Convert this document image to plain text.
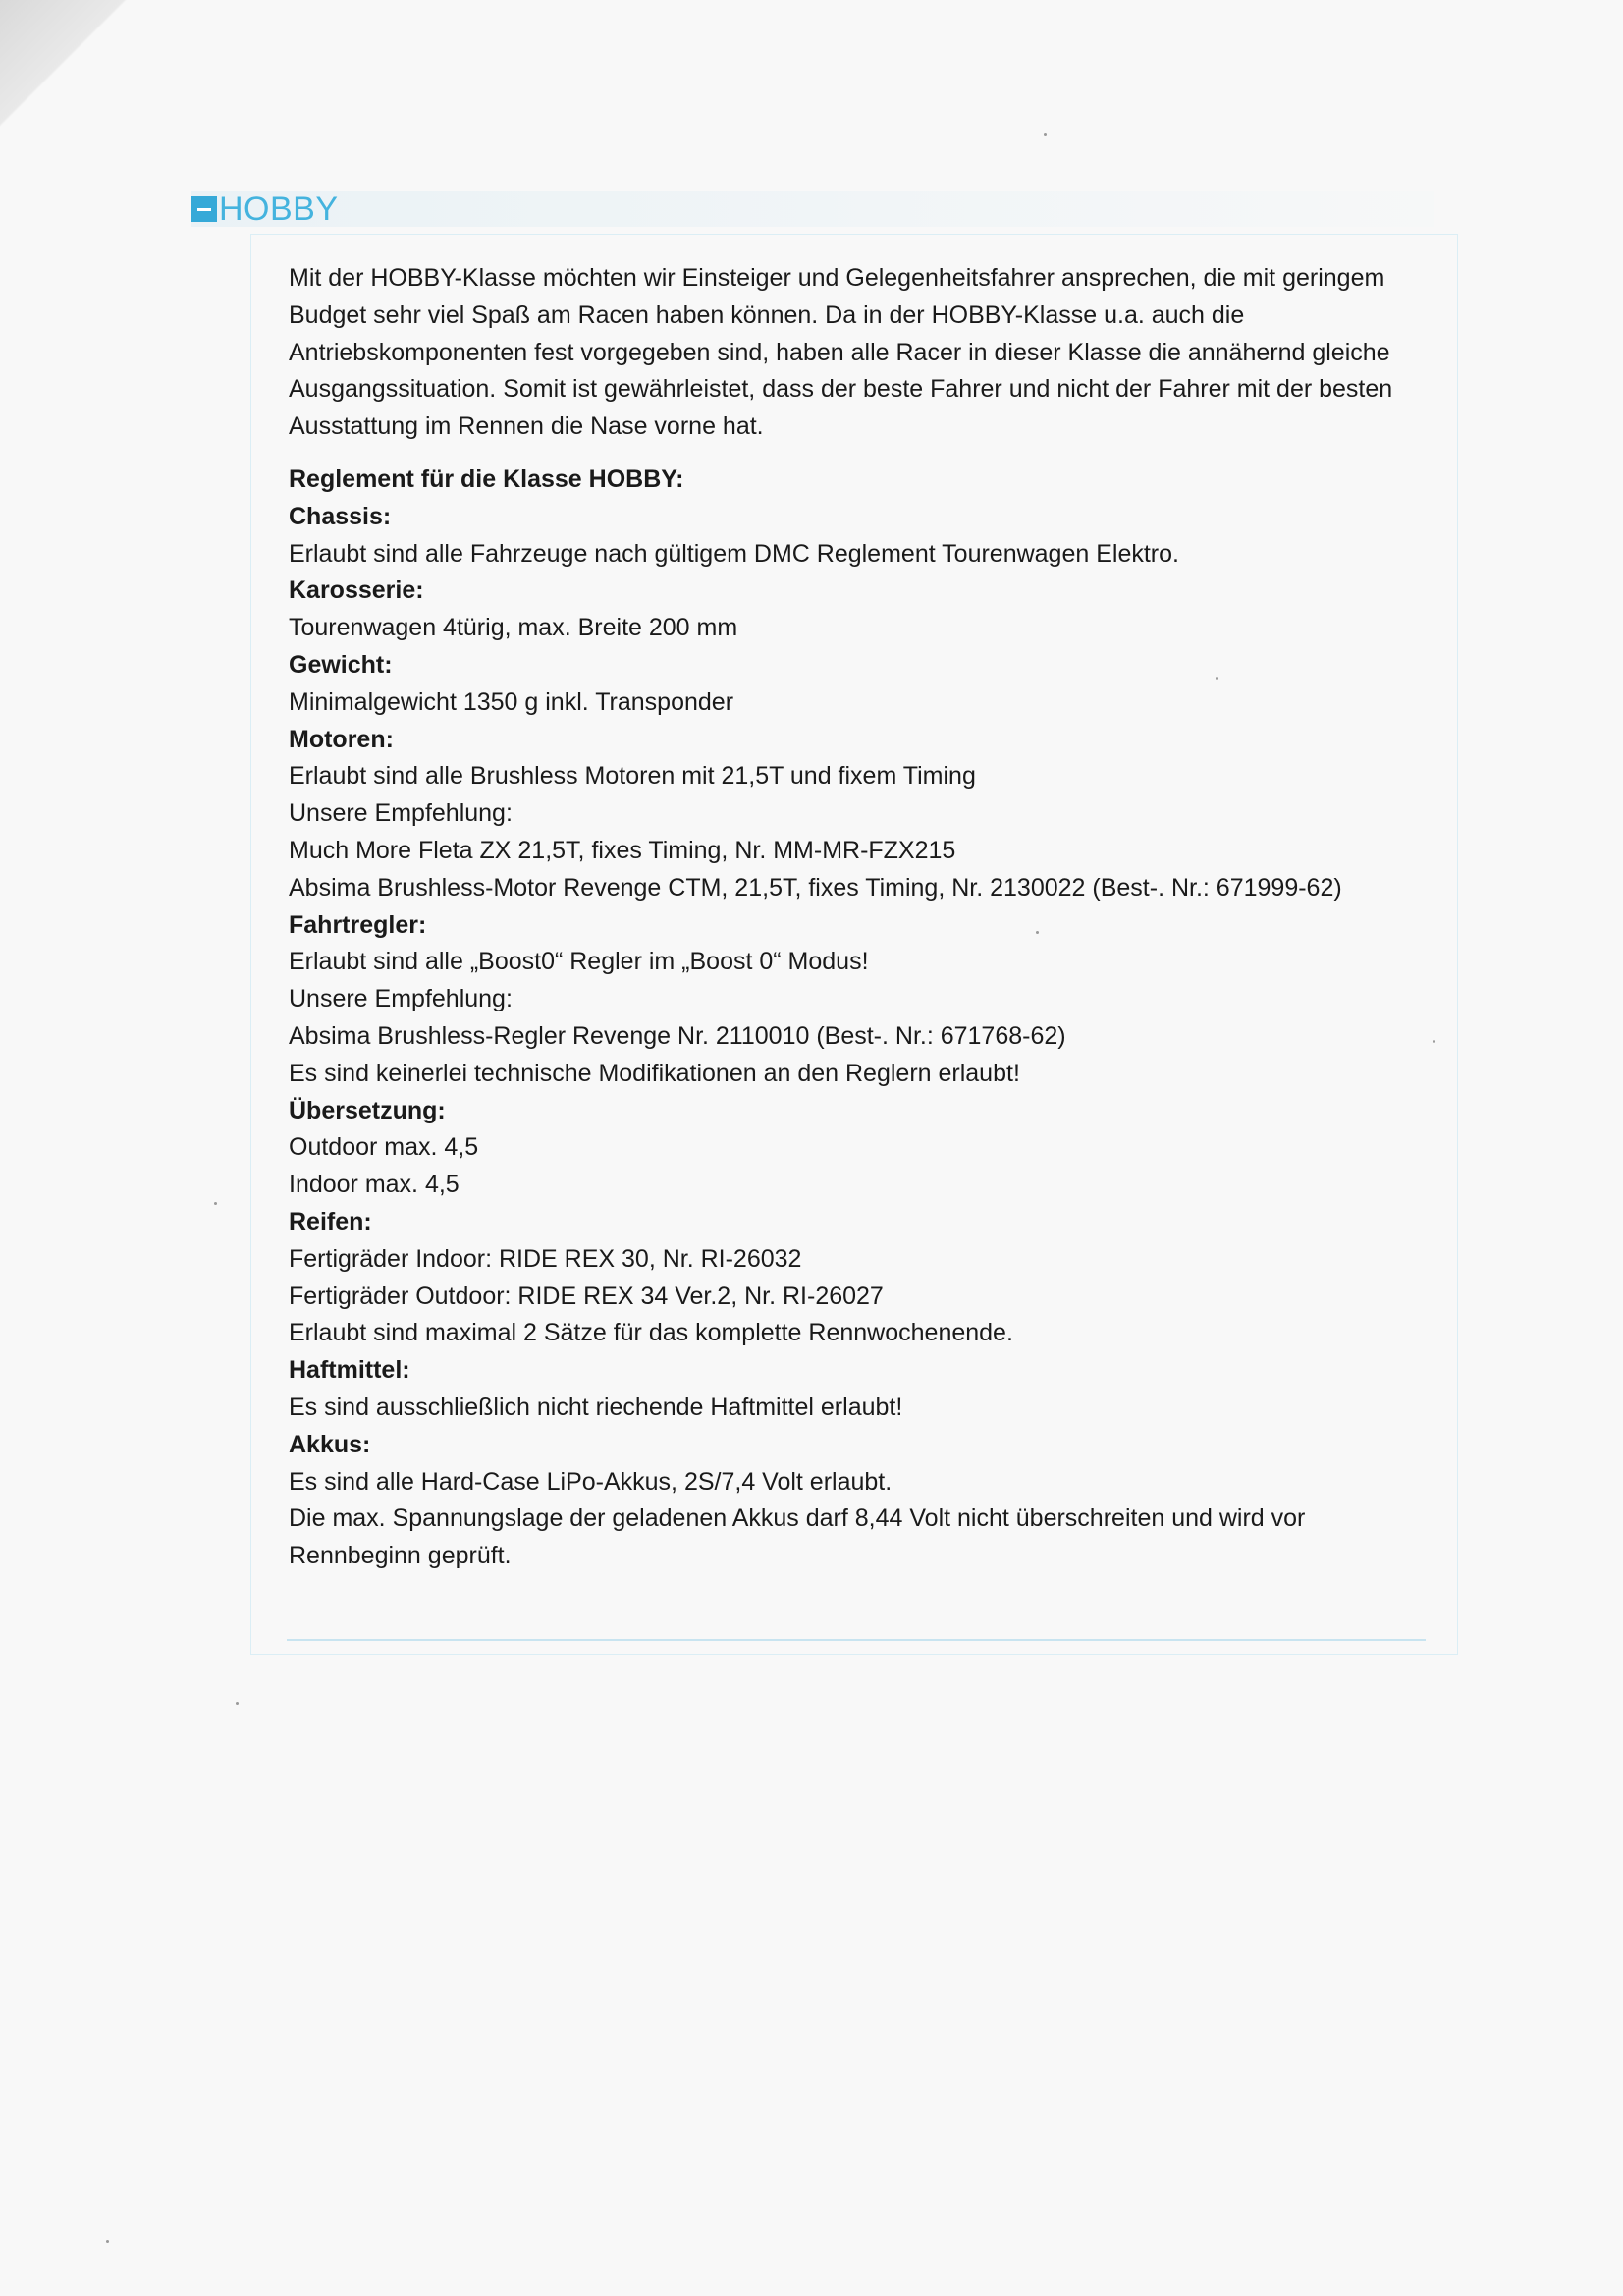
HOBBY

Mit der HOBBY-Klasse möchten wir Einsteiger und Gelegenheitsfahrer ansprechen, die mit geringem Budget sehr viel Spaß am Racen haben können. Da in der HOBBY-Klasse u.a. auch die Antriebskomponenten fest vorgegeben sind, haben alle Racer in dieser Klasse die annähernd gleiche Ausgangssituation. Somit ist gewährleistet, dass der beste Fahrer und nicht der Fahrer mit der besten Ausstattung im Rennen die Nase vorne hat.

Reglement für die Klasse HOBBY:

Chassis:

Erlaubt sind alle Fahrzeuge nach gültigem DMC Reglement Tourenwagen Elektro.

Karosserie:

Tourenwagen 4türig, max. Breite 200 mm

Gewicht:

Minimalgewicht 1350 g inkl. Transponder

Motoren:

Erlaubt sind alle Brushless Motoren mit 21,5T und fixem Timing

Unsere Empfehlung:

Much More Fleta ZX 21,5T, fixes Timing, Nr. MM-MR-FZX215

Absima Brushless-Motor Revenge CTM, 21,5T, fixes Timing, Nr. 2130022 (Best-. Nr.: 671999-62)

Fahrtregler:

Erlaubt sind alle „Boost0“ Regler im „Boost 0“ Modus!

Unsere Empfehlung:

Absima Brushless-Regler Revenge Nr. 2110010 (Best-. Nr.: 671768-62)

Es sind keinerlei technische Modifikationen an den Reglern erlaubt!

Übersetzung:

Outdoor max. 4,5

Indoor max. 4,5

Reifen:

Fertigräder Indoor: RIDE REX 30, Nr. RI-26032

Fertigräder Outdoor: RIDE REX 34 Ver.2, Nr. RI-26027

Erlaubt sind maximal 2 Sätze für das komplette Rennwochenende.

Haftmittel:

Es sind ausschließlich nicht riechende Haftmittel erlaubt!

Akkus:

Es sind alle Hard-Case LiPo-Akkus, 2S/7,4 Volt erlaubt.

Die max. Spannungslage der geladenen Akkus darf 8,44 Volt nicht überschreiten und wird vor Rennbeginn geprüft.
